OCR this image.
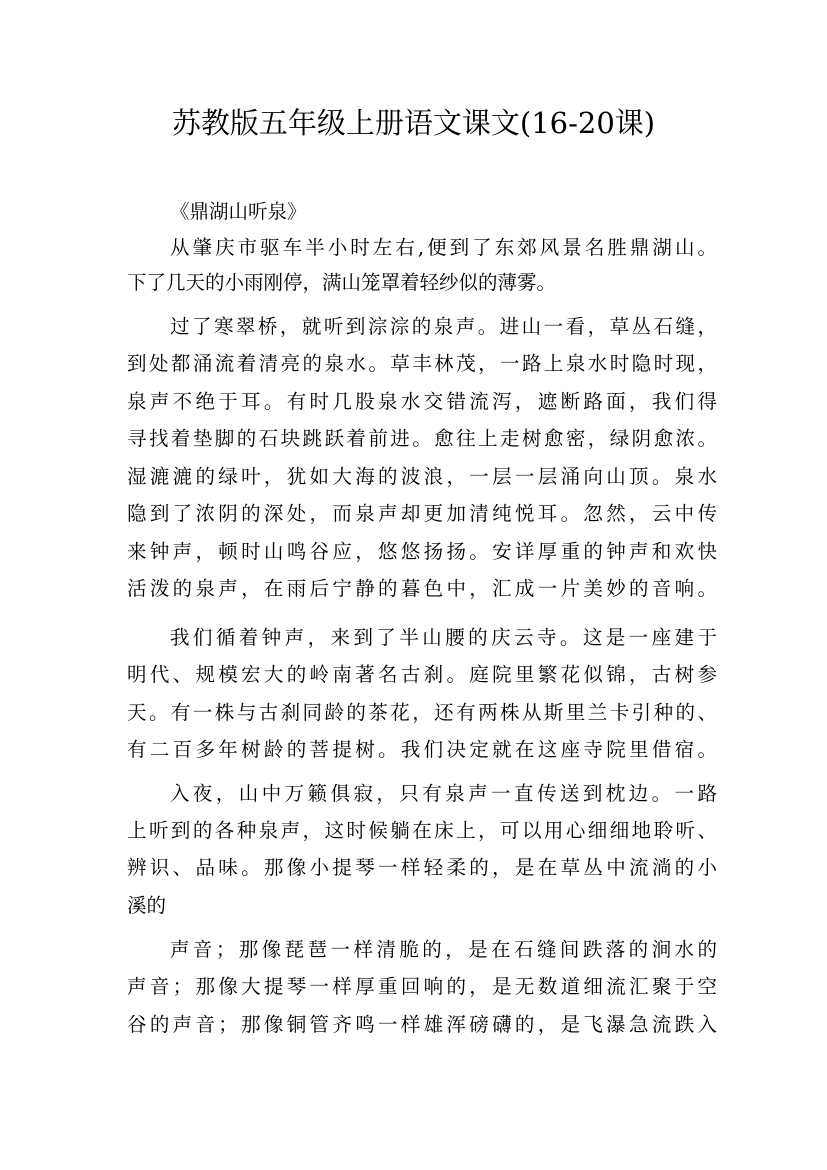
苏教版五年级上册语文课文(16-20课)
《鼎湖山听泉》
从肇庆市驱车半小时左右,便到了东郊风景名胜鼎湖山。
下了几天的小雨刚停，满山笼罩着轻纱似的薄雾。
过了寒翠桥，就听到淙淙的泉声。进山一看，草丛石缝，
到处都涌流着清亮的泉水。草丰林茂，一路上泉水时隐时现，
泉声不绝于耳。有时几股泉水交错流泻，遮断路面，我们得
寻找着垫脚的石块跳跃着前进。愈往上走树愈密，绿阴愈浓。
湿漉漉的绿叶，犹如大海的波浪，一层一层涌向山顶。泉水
隐到了浓阴的深处，而泉声却更加清纯悦耳。忽然，云中传
来钟声，顿时山鸣谷应，悠悠扬扬。安详厚重的钟声和欢快
活泼的泉声，在雨后宁静的暮色中，汇成一片美妙的音响。
我们循着钟声，来到了半山腰的庆云寺。这是一座建于
明代、规模宏大的岭南著名古刹。庭院里繁花似锦，古树参
天。有一株与古刹同龄的茶花，还有两株从斯里兰卡引种的、
有二百多年树龄的菩提树。我们决定就在这座寺院里借宿。
入夜，山中万籁俱寂，只有泉声一直传送到枕边。一路
上听到的各种泉声，这时候躺在床上，可以用心细细地聆听、
辨识、品味。那像小提琴一样轻柔的，是在草丛中流淌的小
溪的
声音；那像琵琶一样清脆的，是在石缝间跌落的涧水的
声音；那像大提琴一样厚重回响的，是无数道细流汇聚于空
谷的声音；那像铜管齐鸣一样雄浑磅礴的，是飞瀑急流跌入
